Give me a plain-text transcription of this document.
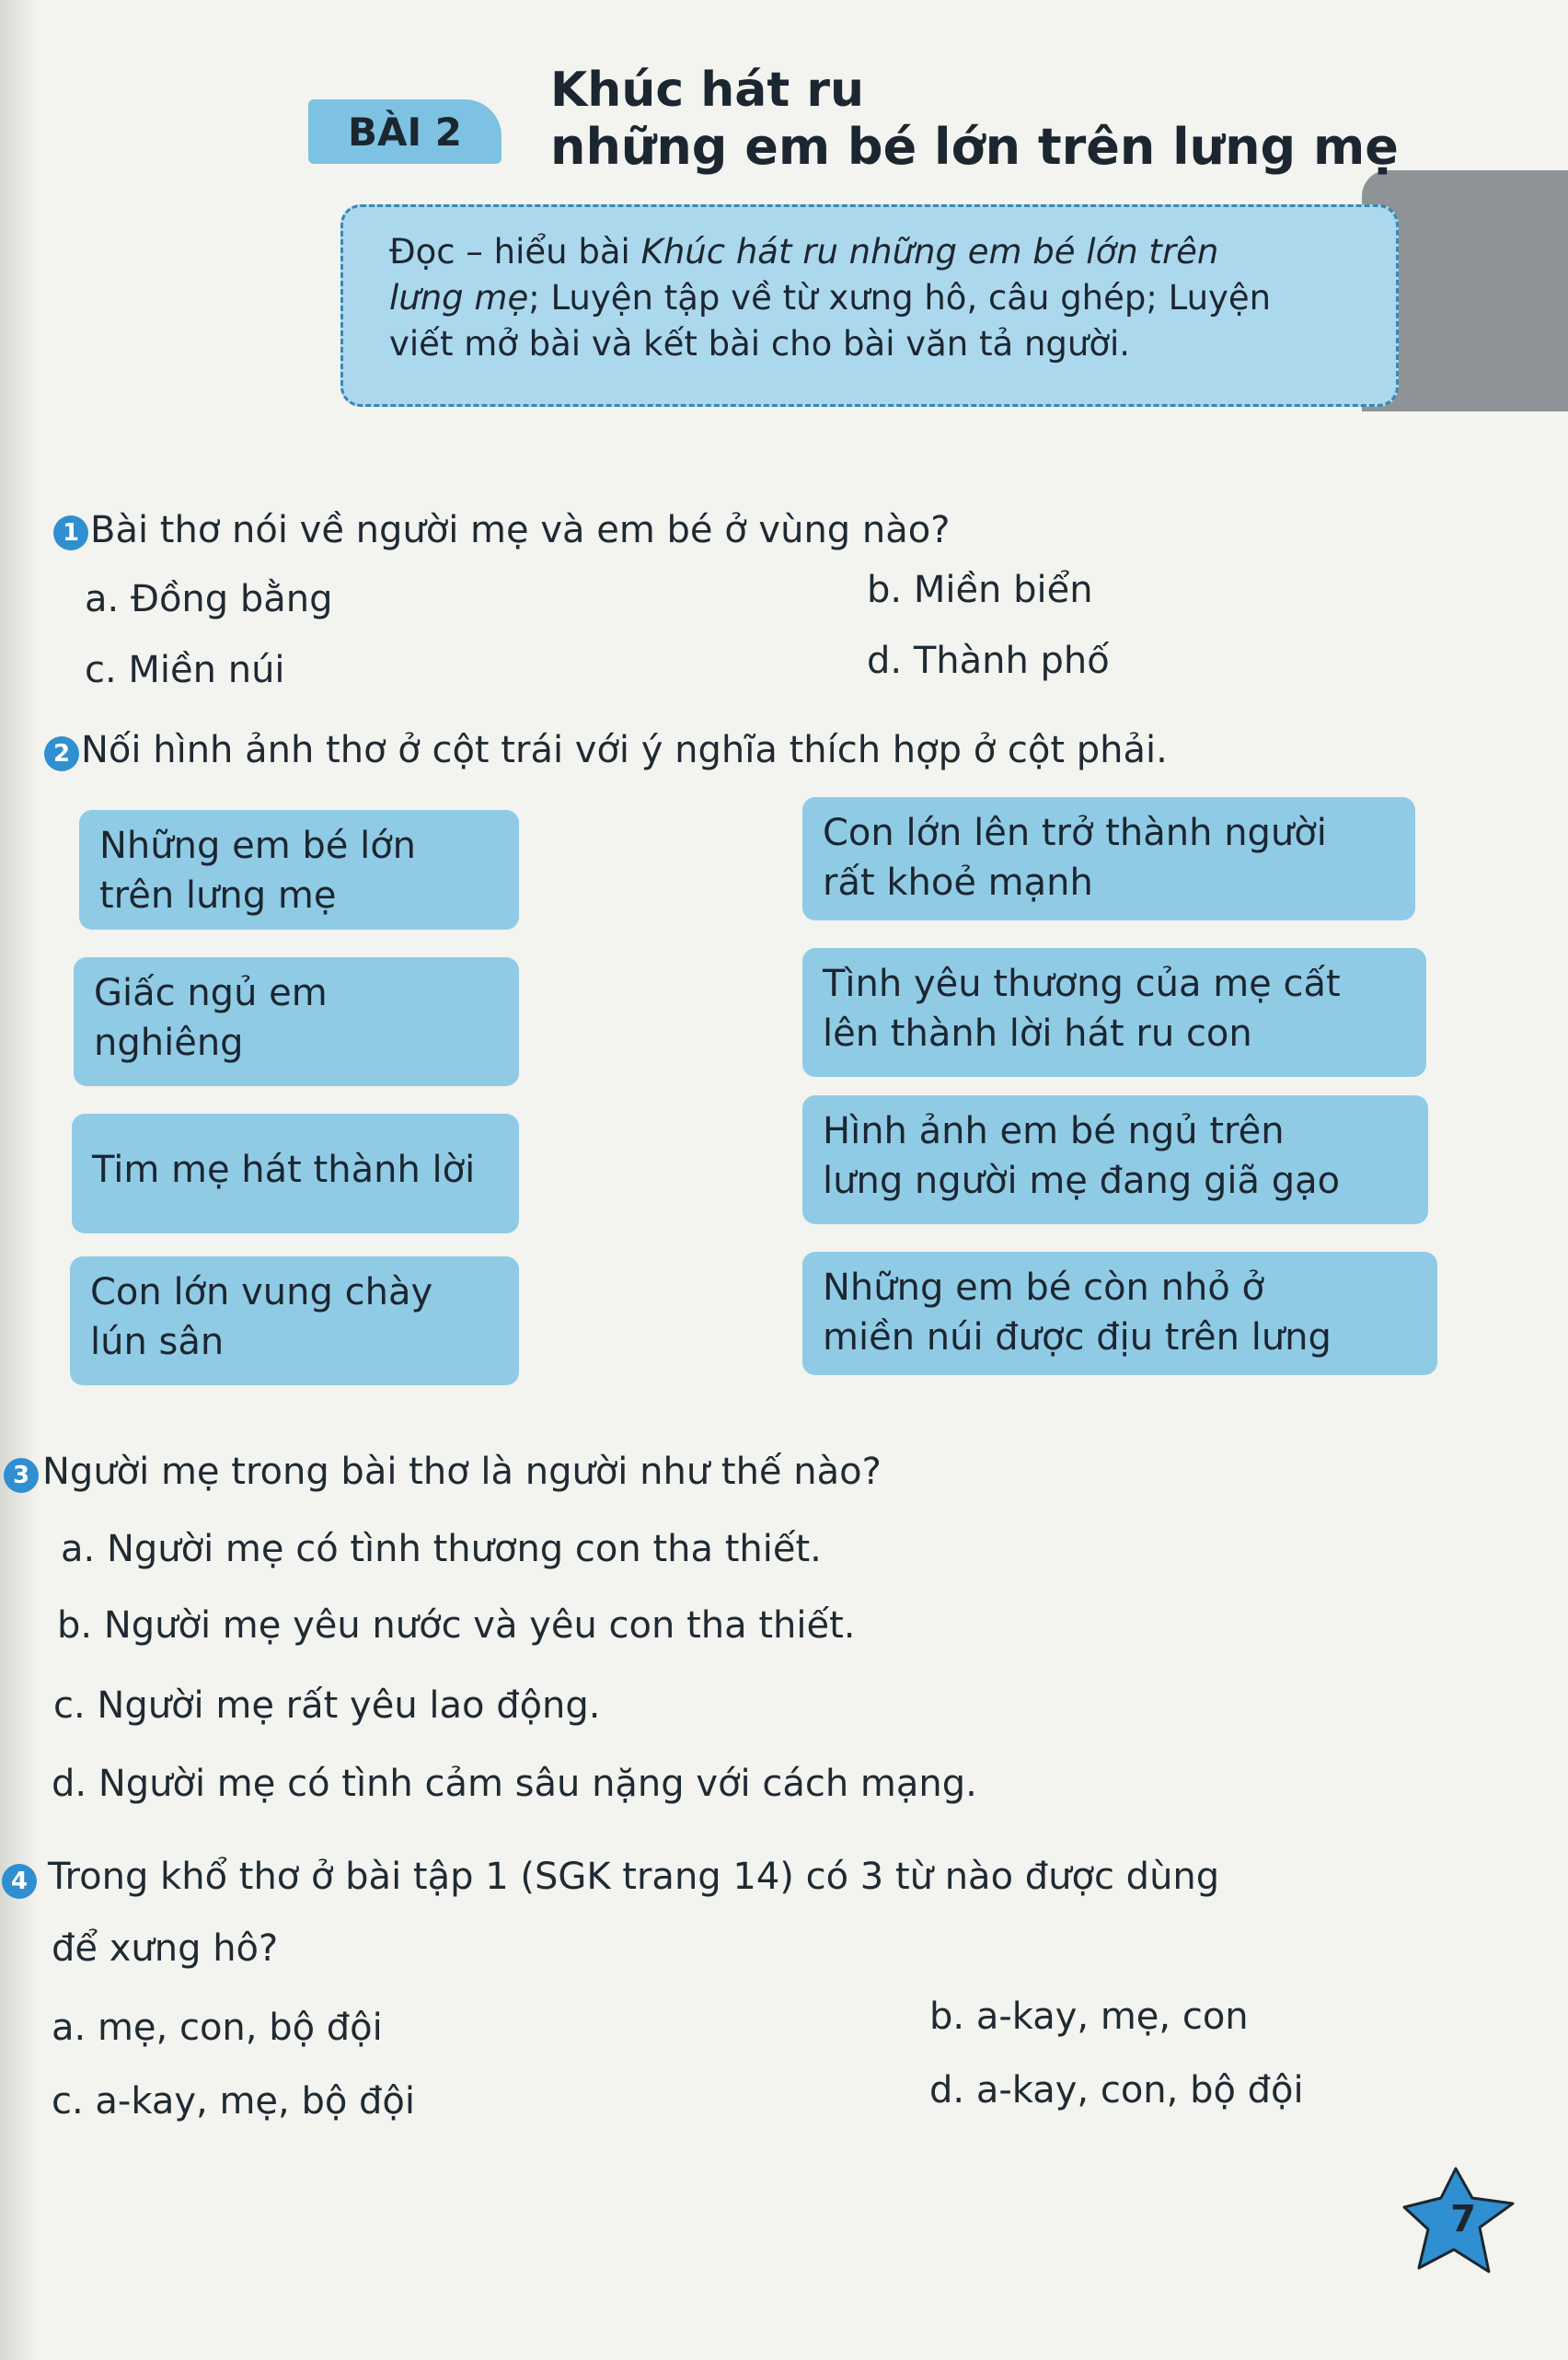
BÀI 2
Khúc hát ru
những em bé lớn trên lưng mẹ
Đọc – hiểu bài Khúc hát ru những em bé lớn trên
lưng mẹ; Luyện tập về từ xưng hô, câu ghép; Luyện
viết mở bài và kết bài cho bài văn tả người.
1 Bài thơ nói về người mẹ và em bé ở vùng nào?
a. Đồng bằng	b. Miền biển
c. Miền núi	d. Thành phố
2 Nối hình ảnh thơ ở cột trái với ý nghĩa thích hợp ở cột phải.
Những em bé lớn
trên lưng mẹ
Giấc ngủ em
nghiêng
Tim mẹ hát thành lời
Con lớn vung chày
lún sân
Con lớn lên trở thành người
rất khoẻ mạnh
Tình yêu thương của mẹ cất
lên thành lời hát ru con
Hình ảnh em bé ngủ trên
lưng người mẹ đang giã gạo
Những em bé còn nhỏ ở
miền núi được địu trên lưng
3 Người mẹ trong bài thơ là người như thế nào?
a. Người mẹ có tình thương con tha thiết.
b. Người mẹ yêu nước và yêu con tha thiết.
c. Người mẹ rất yêu lao động.
d. Người mẹ có tình cảm sâu nặng với cách mạng.
4 Trong khổ thơ ở bài tập 1 (SGK trang 14) có 3 từ nào được dùng
để xưng hô?
a. mẹ, con, bộ đội	b. a-kay, mẹ, con
c. a-kay, mẹ, bộ đội	d. a-kay, con, bộ đội
7
